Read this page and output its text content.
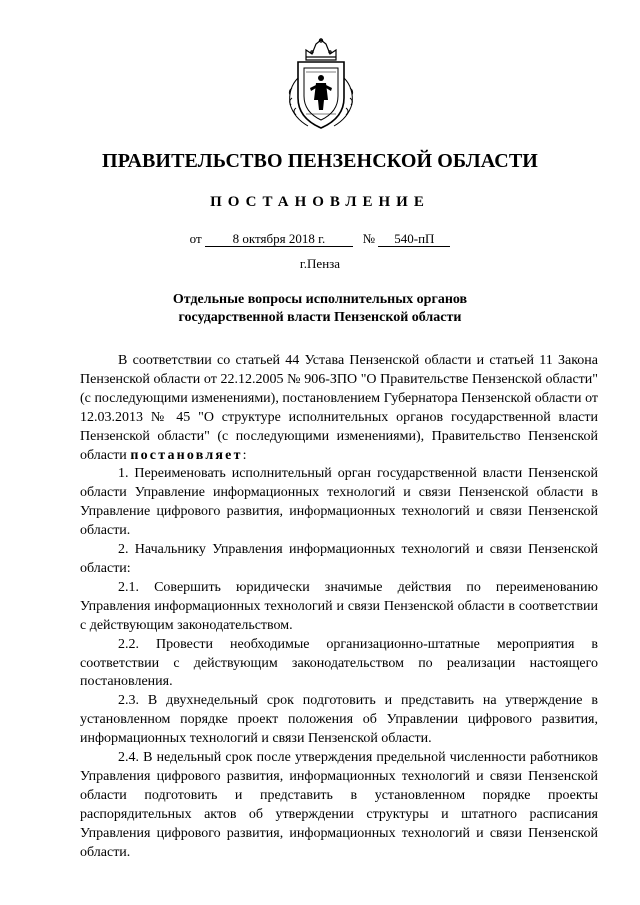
ПРАВИТЕЛЬСТВО ПЕНЗЕНСКОЙ ОБЛАСТИ
ПОСТАНОВЛЕНИЕ
от 8 октября 2018 г.	№ 540-пП
г.Пенза
Отдельные вопросы исполнительных органов
государственной власти Пензенской области

В соответствии со статьей 44 Устава Пензенской области и статьей 11 Закона Пензенской области от 22.12.2005 № 906-ЗПО "О Правительстве Пензенской области" (с последующими изменениями), постановлением Губернатора Пензенской области от 12.03.2013 № 45 "О структуре исполнительных органов государственной власти Пензенской области" (с последующими изменениями), Правительство Пензенской области постановляет:

1. Переименовать исполнительный орган государственной власти Пензенской области Управление информационных технологий и связи Пензенской области в Управление цифрового развития, информационных технологий и связи Пензенской области.

2. Начальнику Управления информационных технологий и связи Пензенской области:

2.1. Совершить юридически значимые действия по переименованию Управления информационных технологий и связи Пензенской области в соответствии с действующим законодательством.

2.2. Провести необходимые организационно-штатные мероприятия в соответствии с действующим законодательством по реализации настоящего постановления.

2.3. В двухнедельный срок подготовить и представить на утверждение в установленном порядке проект положения об Управлении цифрового развития, информационных технологий и связи Пензенской области.

2.4. В недельный срок после утверждения предельной численности работников Управления цифрового развития, информационных технологий и связи Пензенской области подготовить и представить в установленном порядке проекты распорядительных актов об утверждении структуры и штатного расписания Управления цифрового развития, информационных технологий и связи Пензенской области.
